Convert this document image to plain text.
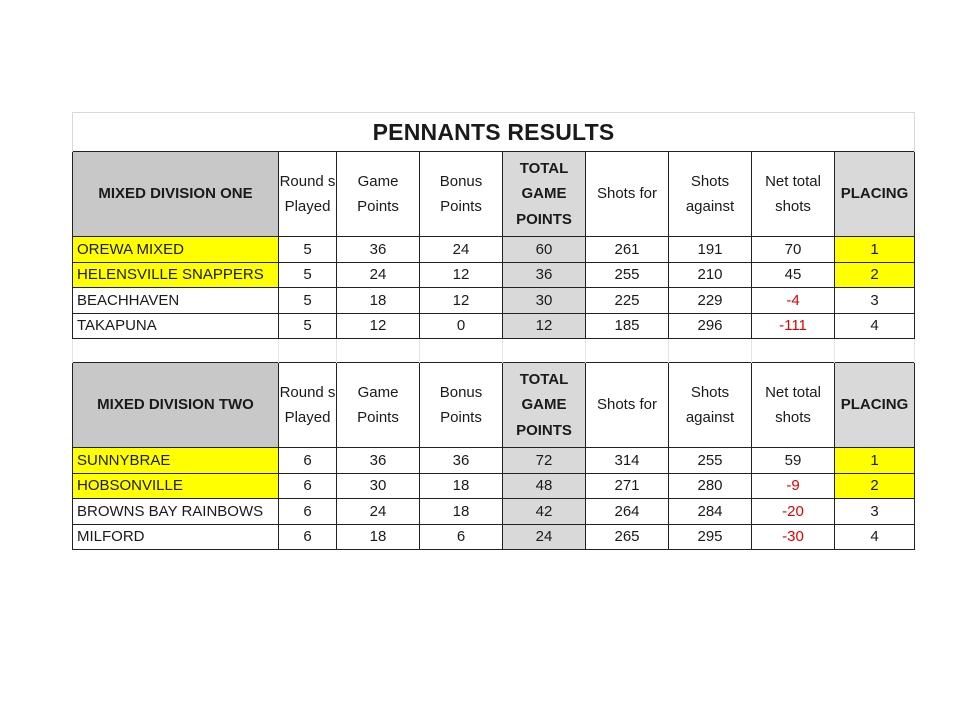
PENNANTS RESULTS								
MIXED DIVISION ONE	Round s Played	Game Points	Bonus Points	TOTAL GAME POINTS	Shots for	Shots against	Net total shots	PLACING
OREWA MIXED	5	36	24	60	261	191	70	1
HELENSVILLE SNAPPERS	5	24	12	36	255	210	45	2
BEACHHAVEN	5	18	12	30	225	229	-4	3
TAKAPUNA	5	12	0	12	185	296	-111	4

MIXED DIVISION TWO	Round s Played	Game Points	Bonus Points	TOTAL GAME POINTS	Shots for	Shots against	Net total shots	PLACING
SUNNYBRAE	6	36	36	72	314	255	59	1
HOBSONVILLE	6	30	18	48	271	280	-9	2
BROWNS BAY RAINBOWS	6	24	18	42	264	284	-20	3
MILFORD	6	18	6	24	265	295	-30	4
